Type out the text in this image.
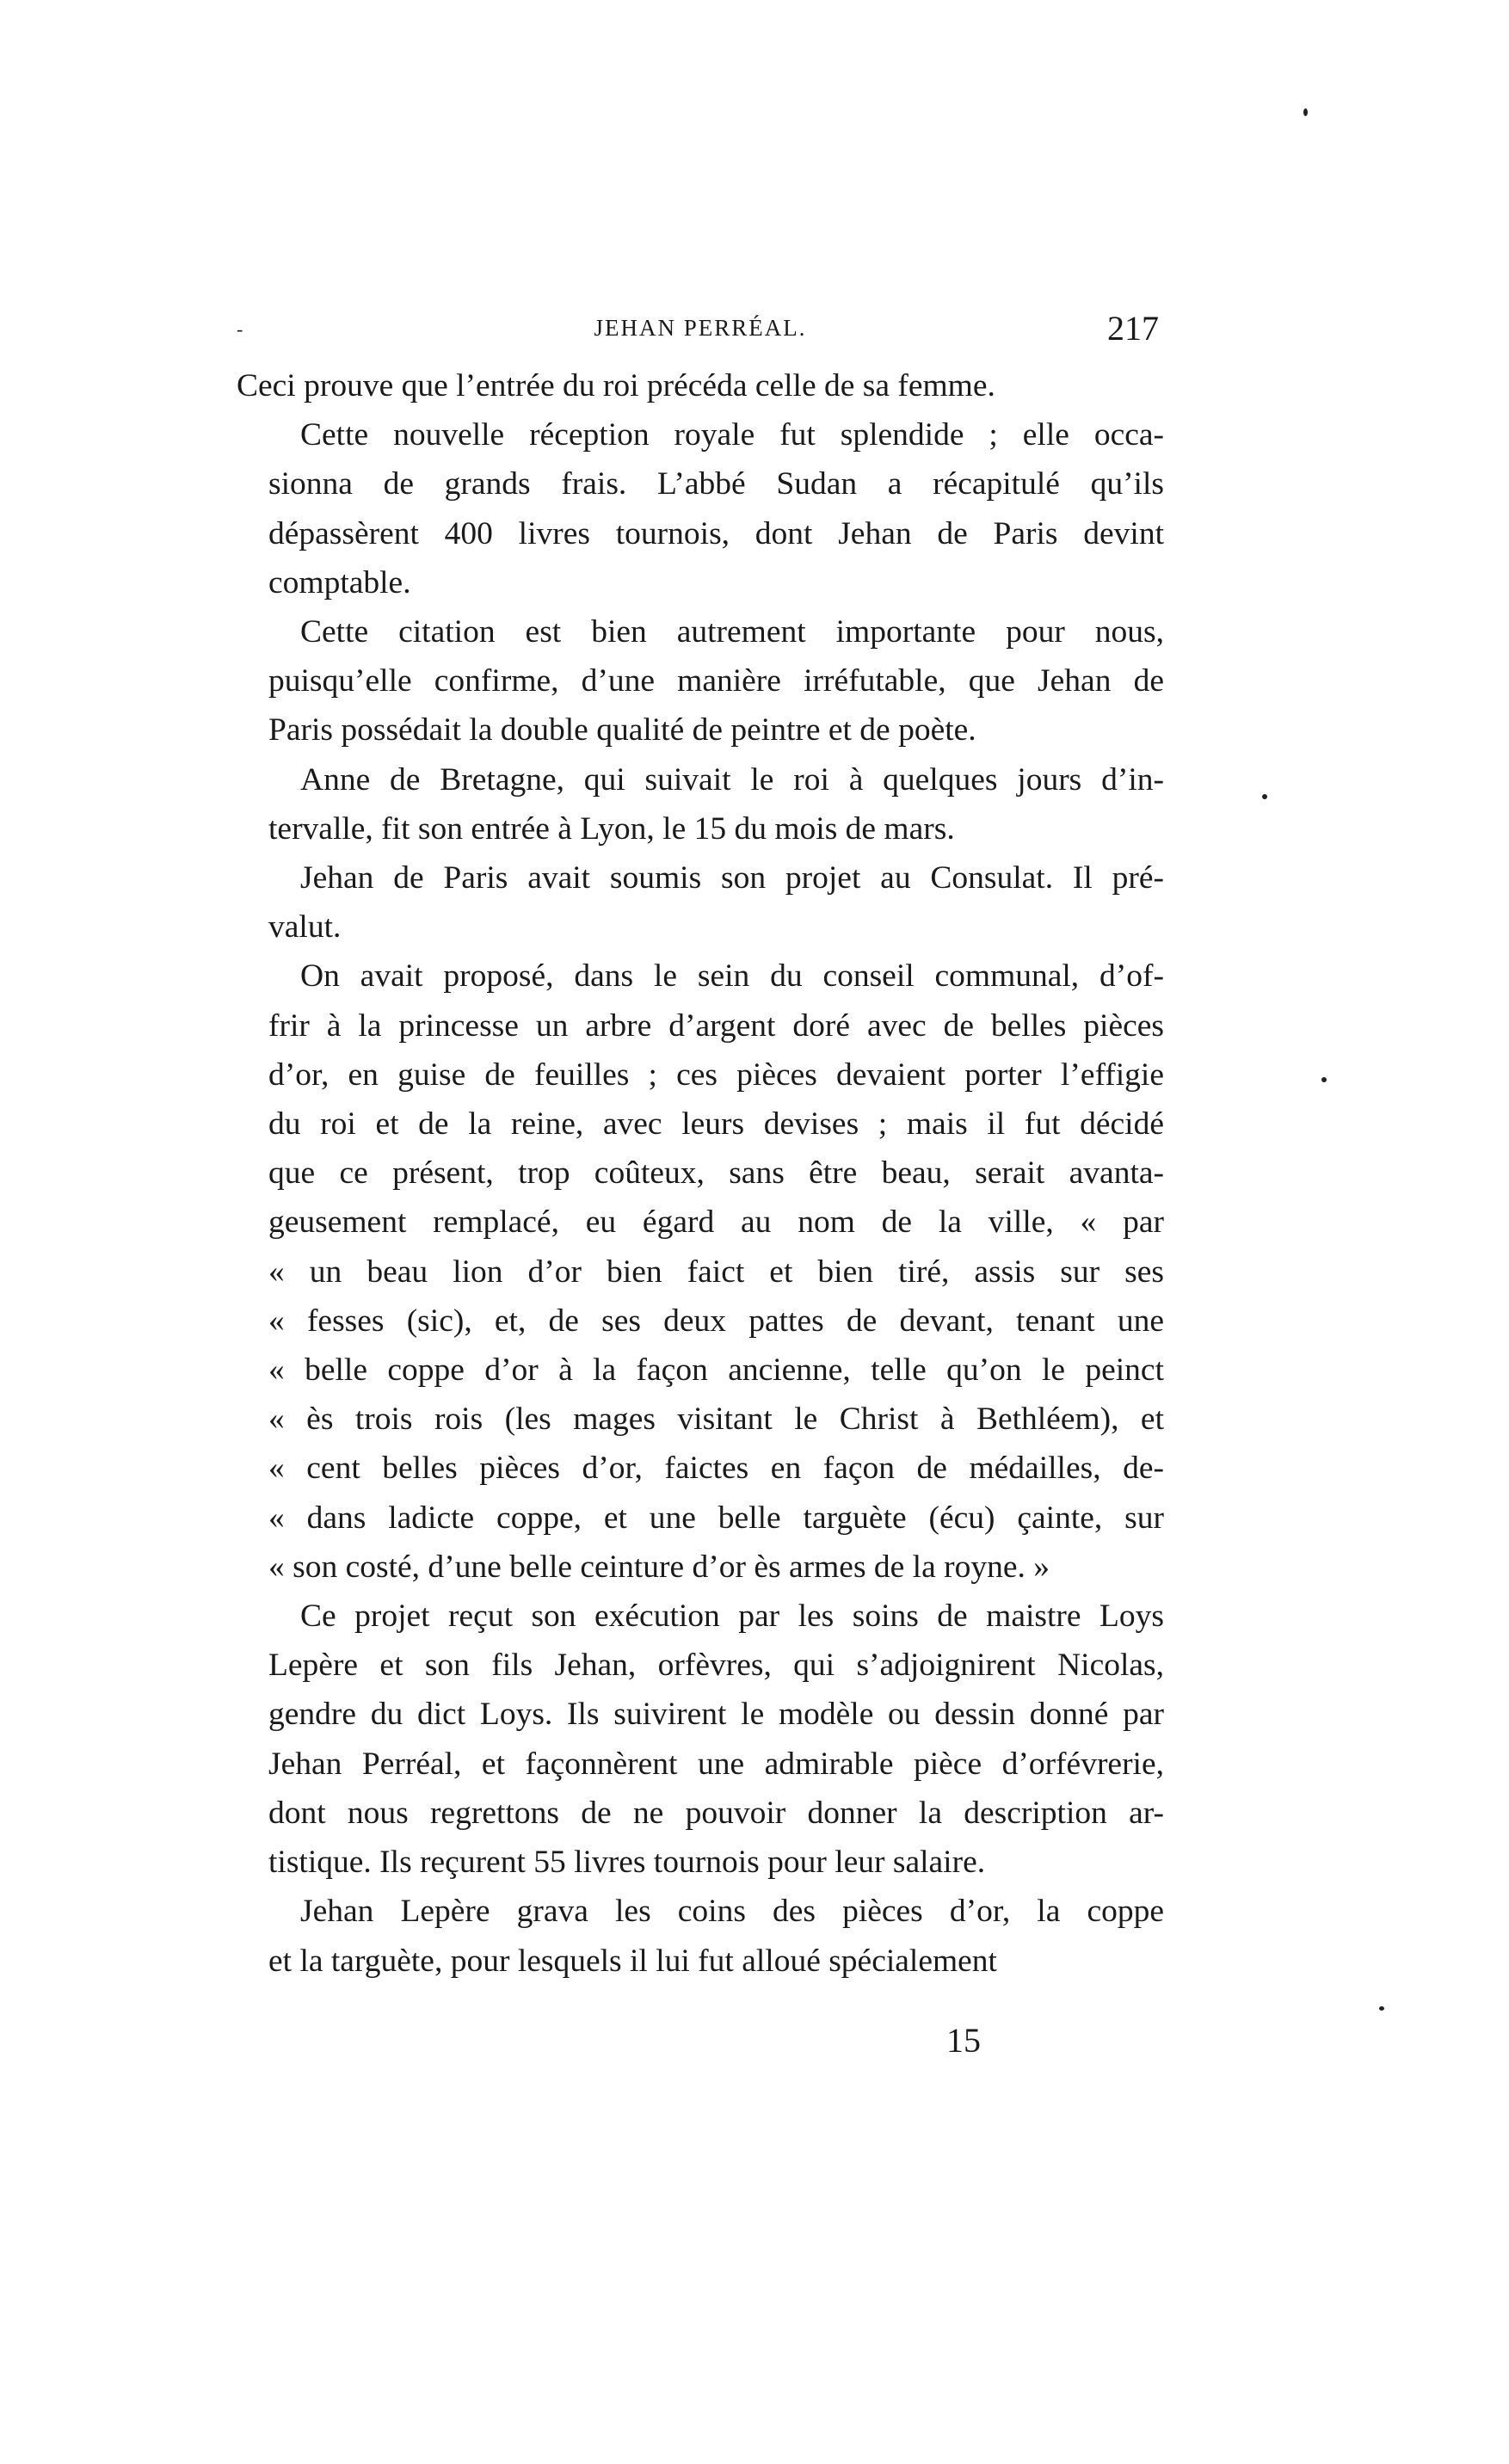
-	JEHAN PERRÉAL.	217

Ceci prouve que l’entrée du roi précéda celle de sa femme.

Cette nouvelle réception royale fut splendide ; elle occa-
sionna de grands frais. L’abbé Sudan a récapitulé qu’ils
dépassèrent 400 livres tournois, dont Jehan de Paris devint
comptable.

Cette citation est bien autrement importante pour nous,
puisqu’elle confirme, d’une manière irréfutable, que Jehan de
Paris possédait la double qualité de peintre et de poète.

Anne de Bretagne, qui suivait le roi à quelques jours d’in-
tervalle, fit son entrée à Lyon, le 15 du mois de mars.

Jehan de Paris avait soumis son projet au Consulat. Il pré-
valut.

On avait proposé, dans le sein du conseil communal, d’of-
frir à la princesse un arbre d’argent doré avec de belles pièces
d’or, en guise de feuilles ; ces pièces devaient porter l’effigie
du roi et de la reine, avec leurs devises ; mais il fut décidé
que ce présent, trop coûteux, sans être beau, serait avanta-
geusement remplacé, eu égard au nom de la ville, « par
« un beau lion d’or bien faict et bien tiré, assis sur ses
« fesses (sic), et, de ses deux pattes de devant, tenant une
« belle coppe d’or à la façon ancienne, telle qu’on le peinct
« ès trois rois (les mages visitant le Christ à Bethléem), et
« cent belles pièces d’or, faictes en façon de médailles, de-
« dans ladicte coppe, et une belle targuète (écu) çainte, sur
« son costé, d’une belle ceinture d’or ès armes de la royne. »

Ce projet reçut son exécution par les soins de maistre Loys
Lepère et son fils Jehan, orfèvres, qui s’adjoignirent Nicolas,
gendre du dict Loys. Ils suivirent le modèle ou dessin donné par
Jehan Perréal, et façonnèrent une admirable pièce d’orfévrerie,
dont nous regrettons de ne pouvoir donner la description ar-
tistique. Ils reçurent 55 livres tournois pour leur salaire.

Jehan Lepère grava les coins des pièces d’or, la coppe
et la targuète, pour lesquels il lui fut alloué spécialement

15
